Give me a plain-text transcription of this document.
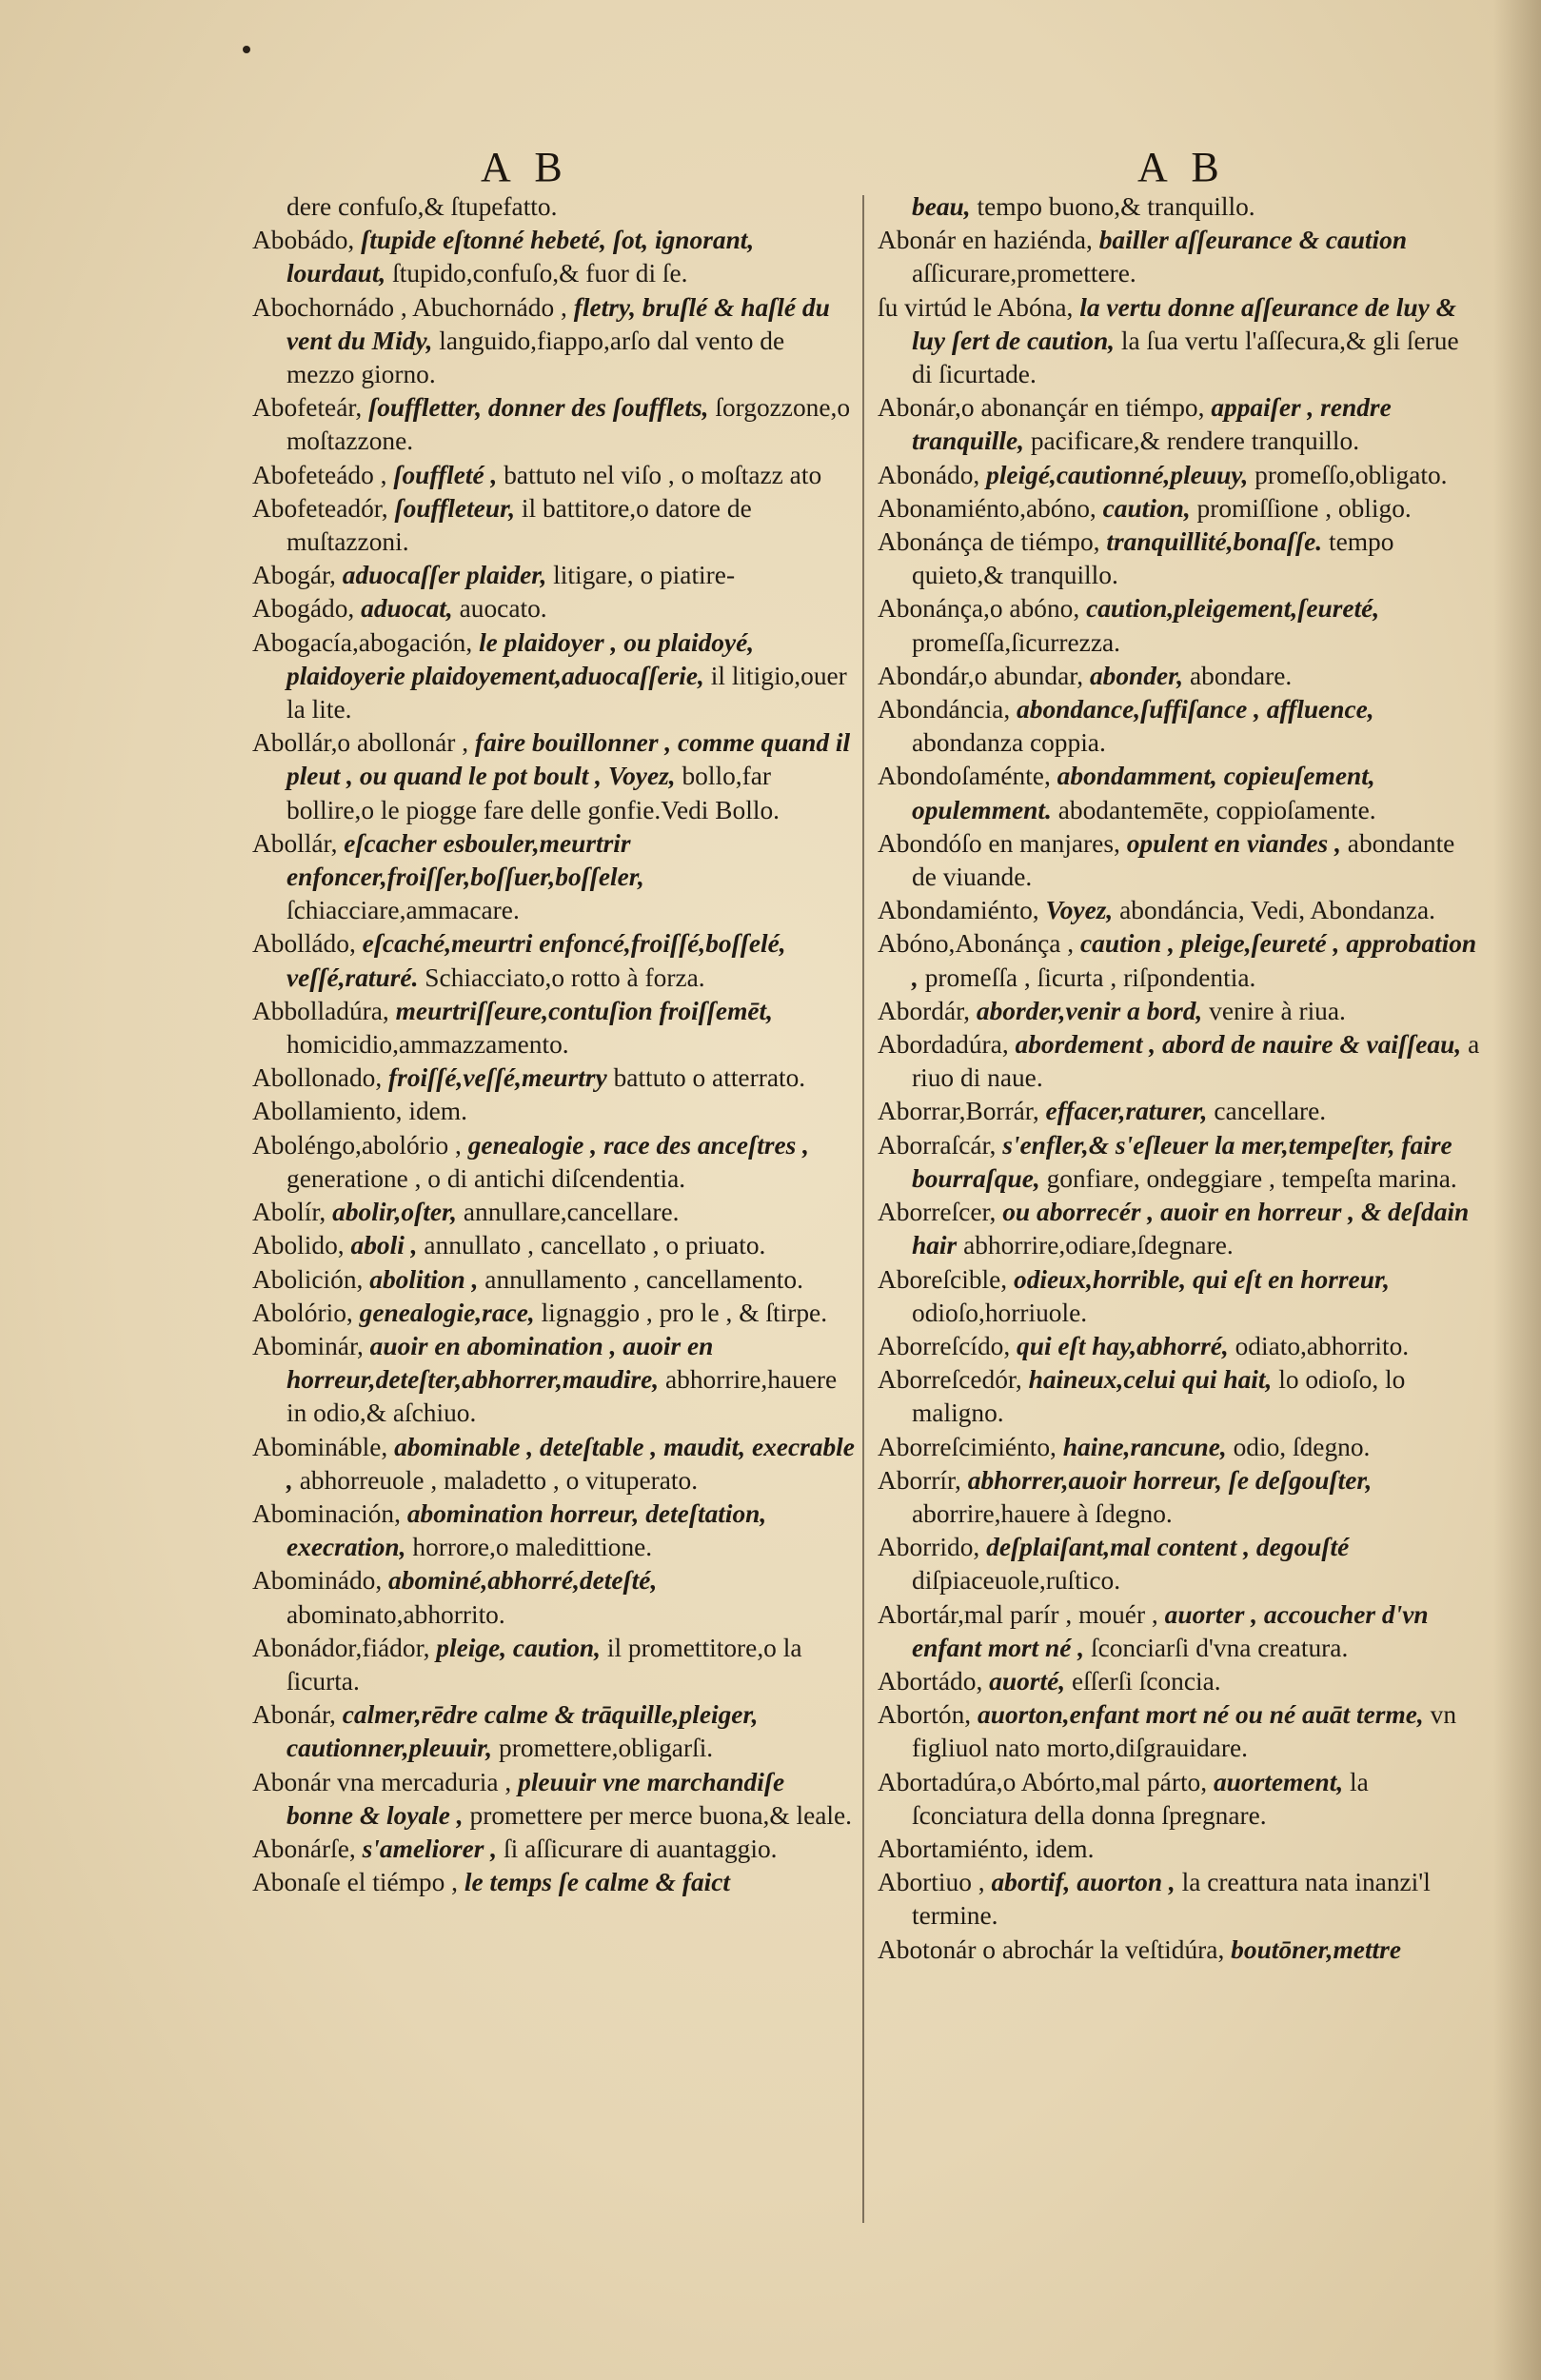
A B	A B

dere confuſo,& ſtupefatto.

Abobádo, ſtupide eſtonné hebeté, ſot, ignorant, lourdaut, ſtupido,confuſo,& fuor di ſe.

Abochornádo , Abuchornádo , fletry, bruſlé & haſlé du vent du Midy, languido,fiappo,arſo dal vento de mezzo giorno.

Abofeteár, ſouffletter, donner des ſoufflets, ſorgozzone,o moſtazzone.

Abofeteádo , ſouffleté , battuto nel viſo , o moſtazz ato

Abofeteadór, ſouffleteur, il battitore,o datore de muſtazzoni.

Abogár, aduocaſſer plaider, litigare, o piatire-

Abogádo, aduocat, auocato.

Abogacía,abogación, le plaidoyer , ou plaidoyé, plaidoyerie plaidoyement,aduocaſſerie, il litigio,ouer la lite.

Abollár,o abollonár , faire bouillonner , comme quand il pleut , ou quand le pot boult , Voyez, bollo,far bollire,o le piogge fare delle gonfie.Vedi Bollo.

Abollár, eſcacher esbouler,meurtrir enfoncer,froiſſer,boſſuer,boſſeler, ſchiacciare,ammacare.

Abolládo, eſcaché,meurtri enfoncé,froiſſé,boſſelé, veſſé,raturé. Schiacciato,o rotto à forza.

Abbolladúra, meurtriſſeure,contuſion froiſſemēt, homicidio,ammazzamento.

Abollonado, froiſſé,veſſé,meurtry battuto o atterrato.

Abollamiento, idem.

Aboléngo,abolório , genealogie , race des anceſtres , generatione , o di antichi diſcendentia.

Abolír, abolir,oſter, annullare,cancellare.

Abolido, aboli , annullato , cancellato , o priuato.

Abolición, abolition , annullamento , cancellamento.

Abolório, genealogie,race, lignaggio , pro le , & ſtirpe.

Abominár, auoir en abomination , auoir en horreur,deteſter,abhorrer,maudire, abhorrire,hauere in odio,& aſchiuo.

Abomináble, abominable , deteſtable , maudit, execrable , abhorreuole , maladetto , o vituperato.

Abominación, abomination horreur, deteſtation, execration, horrore,o maledittione.

Abominádo, abominé,abhorré,deteſté, abominato,abhorrito.

Abonádor,fiádor, pleige, caution, il promettitore,o la ſicurta.

Abonár, calmer,rēdre calme & trāquille,pleiger, cautionner,pleuuir, promettere,obligarſi.

Abonár vna mercaduria , pleuuir vne marchandiſe bonne & loyale , promettere per merce buona,& leale.

Abonárſe, s'ameliorer , ſi aſſicurare di auantaggio.

Abonaſe el tiémpo , le temps ſe calme & faict

beau, tempo buono,& tranquillo.

Abonár en haziénda, bailler aſſeurance & caution aſſicurare,promettere.

ſu virtúd le Abóna, la vertu donne aſſeurance de luy & luy ſert de caution, la ſua vertu l'aſſecura,& gli ſerue di ſicurtade.

Abonár,o abonançár en tiémpo, appaiſer , rendre tranquille, pacificare,& rendere tranquillo.

Abonádo, pleigé,cautionné,pleuuy, promeſſo,obligato.

Abonamiénto,abóno, caution, promiſſione , obligo.

Abonánça de tiémpo, tranquillité,bonaſſe. tempo quieto,& tranquillo.

Abonánça,o abóno, caution,pleigement,ſeureté, promeſſa,ſicurrezza.

Abondár,o abundar, abonder, abondare.

Abondáncia, abondance,ſuffiſance , affluence, abondanza coppia.

Abondoſaménte, abondamment, copieuſement, opulemment. abodantemēte, coppioſamente.

Abondóſo en manjares, opulent en viandes , abondante de viuande.

Abondamiénto, Voyez, abondáncia, Vedi, Abondanza.

Abóno,Abonánça , caution , pleige,ſeureté , approbation , promeſſa , ſicurta , riſpondentia.

Abordár, aborder,venir a bord, venire à riua.

Abordadúra, abordement , abord de nauire & vaiſſeau, a riuo di naue.

Aborrar,Borrár, effacer,raturer, cancellare.

Aborraſcár, s'enfler,& s'eſleuer la mer,tempeſter, faire bourraſque, gonfiare, ondeggiare , tempeſta marina.

Aborreſcer, ou aborrecér , auoir en horreur , & deſdain hair abhorrire,odiare,ſdegnare.

Aboreſcible, odieux,horrible, qui eſt en horreur, odioſo,horriuole.

Aborreſcído, qui eſt hay,abhorré, odiato,abhorrito.

Aborreſcedór, haineux,celui qui hait, lo odioſo, lo maligno.

Aborreſcimiénto, haine,rancune, odio, ſdegno.

Aborrír, abhorrer,auoir horreur, ſe deſgouſter, aborrire,hauere à ſdegno.

Aborrido, deſplaiſant,mal content , degouſté diſpiaceuole,ruſtico.

Abortár,mal parír , mouér , auorter , accoucher d'vn enfant mort né , ſconciarſi d'vna creatura.

Abortádo, auorté, eſſerſi ſconcia.

Abortón, auorton,enfant mort né ou né auāt terme, vn figliuol nato morto,diſgrauidare.

Abortadúra,o Abórto,mal párto, auortement, la ſconciatura della donna ſpregnare.

Abortamiénto, idem.

Abortiuo , abortif, auorton , la creattura nata inanzi'l termine.

Abotonár o abrochár la veſtidúra, boutōner,mettre
